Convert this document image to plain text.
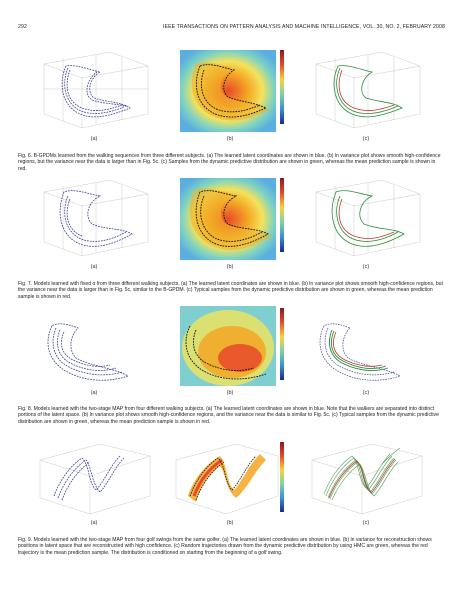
292	IEEE TRANSACTIONS ON PATTERN ANALYSIS AND MACHINE INTELLIGENCE, VOL. 30, NO. 2, FEBRUARY 2008
(a)	(b)	(c)
Fig. 6. B-GPDMs learned from the walking sequences from three different subjects. (a) The learned latent coordinates are shown in blue. (b) ln variance plot shows smooth high-confidence regions, but the variance near the data is larger than in Fig. 5c. (c) Samples from the dynamic predictive distribution are shown in green, whereas the mean prediction sample is shown in red.
(a)	(b)	(c)
Fig. 7. Models learned with fixed α from three different walking subjects. (a) The learned latent coordinates are shown in blue. (b) ln variance plot shows smooth high-confidence regions, but the variance near the data is larger than in Fig. 5c, similar to the B-GPDM. (c) Typical samples from the dynamic predictive distribution are shown in green, whereas the mean prediction sample is shown in red.
(a)	(b)	(c)
Fig. 8. Models learned with the two-stage MAP from four different walking subjects. (a) The learned latent coordinates are shown in blue. Note that the walkers are separated into distinct portions of the latent space. (b) ln variance plot shows smooth high-confidence regions, and the variance near the data is similar to Fig. 5c. (c) Typical samples from the dynamic predictive distribution are shown in green, whereas the mean prediction sample is shown in red.
(a)	(b)	(c)
Fig. 9. Models learned with the two-stage MAP from four golf swings from the same golfer. (a) The learned latent coordinates are shown in blue. (b) ln variance for reconstruction shows positions in latent space that are reconstructed with high confidence. (c) Random trajectories drawn from the dynamic predictive distribution by using HMC are green, whereas the red trajectory is the mean prediction sample. The distribution is conditioned on starting from the beginning of a golf swing.
